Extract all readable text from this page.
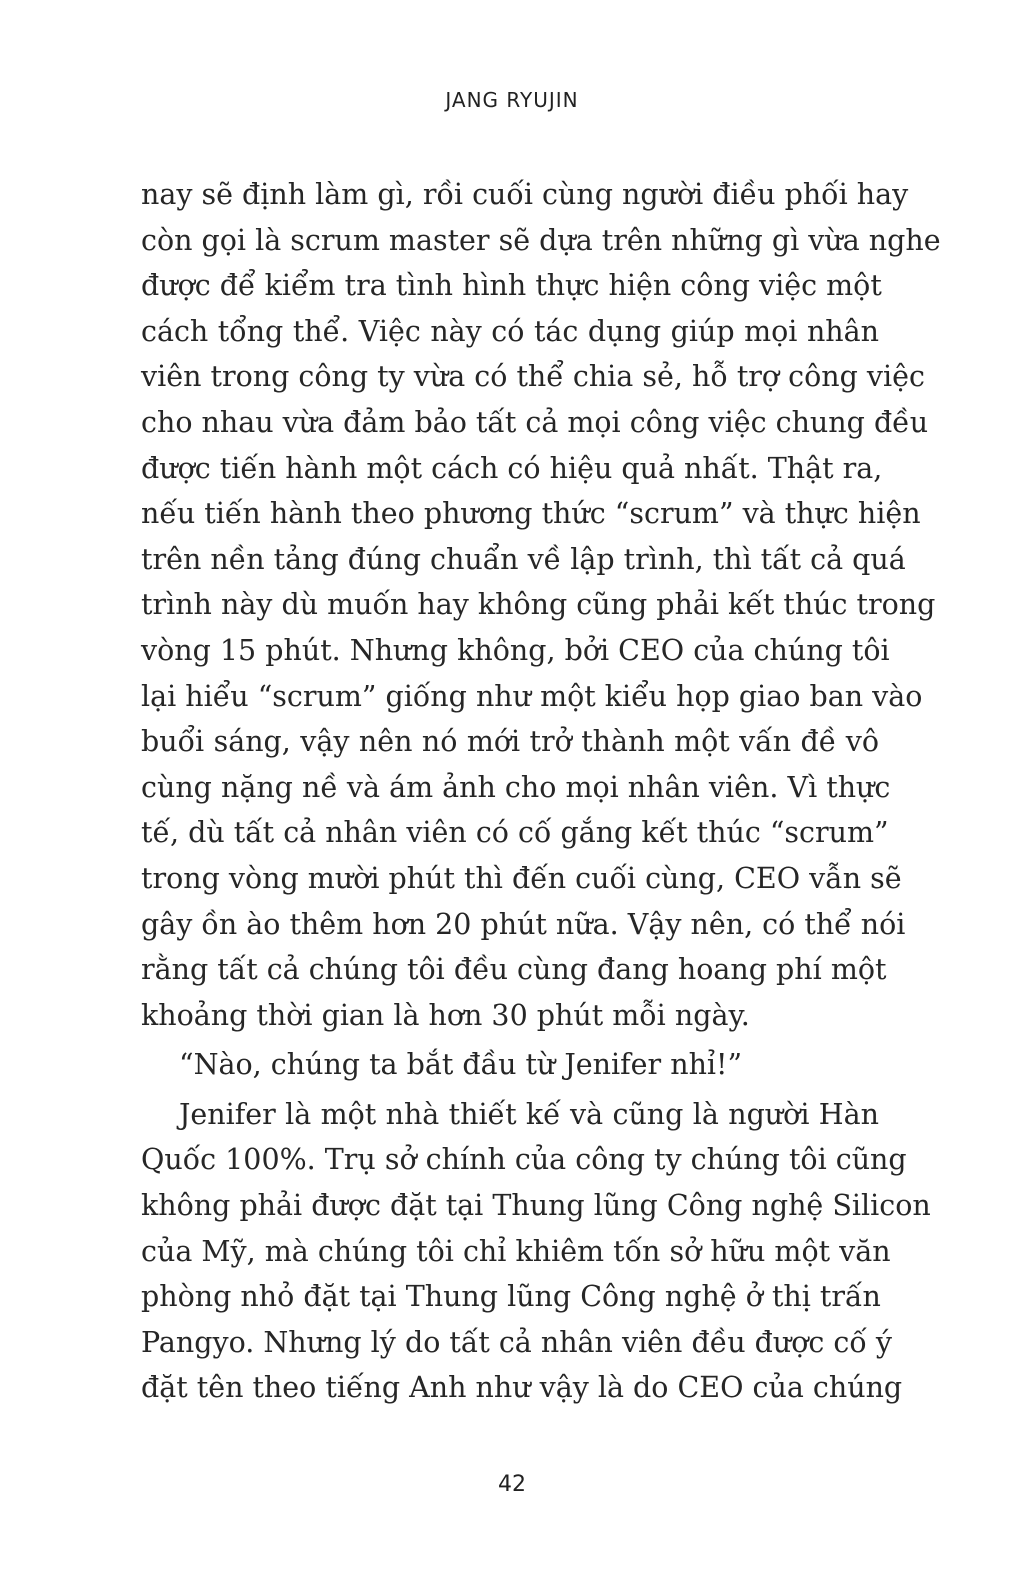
JANG RYUJIN
nay sẽ định làm gì, rồi cuối cùng người điều phối hay
còn gọi là scrum master sẽ dựa trên những gì vừa nghe
được để kiểm tra tình hình thực hiện công việc một
cách tổng thể. Việc này có tác dụng giúp mọi nhân
viên trong công ty vừa có thể chia sẻ, hỗ trợ công việc
cho nhau vừa đảm bảo tất cả mọi công việc chung đều
được tiến hành một cách có hiệu quả nhất. Thật ra,
nếu tiến hành theo phương thức “scrum” và thực hiện
trên nền tảng đúng chuẩn về lập trình, thì tất cả quá
trình này dù muốn hay không cũng phải kết thúc trong
vòng 15 phút. Nhưng không, bởi CEO của chúng tôi
lại hiểu “scrum” giống như một kiểu họp giao ban vào
buổi sáng, vậy nên nó mới trở thành một vấn đề vô
cùng nặng nề và ám ảnh cho mọi nhân viên. Vì thực
tế, dù tất cả nhân viên có cố gắng kết thúc “scrum”
trong vòng mười phút thì đến cuối cùng, CEO vẫn sẽ
gây ồn ào thêm hơn 20 phút nữa. Vậy nên, có thể nói
rằng tất cả chúng tôi đều cùng đang hoang phí một
khoảng thời gian là hơn 30 phút mỗi ngày.
“Nào, chúng ta bắt đầu từ Jenifer nhỉ!”
Jenifer là một nhà thiết kế và cũng là người Hàn
Quốc 100%. Trụ sở chính của công ty chúng tôi cũng
không phải được đặt tại Thung lũng Công nghệ Silicon
của Mỹ, mà chúng tôi chỉ khiêm tốn sở hữu một văn
phòng nhỏ đặt tại Thung lũng Công nghệ ở thị trấn
Pangyo. Nhưng lý do tất cả nhân viên đều được cố ý
đặt tên theo tiếng Anh như vậy là do CEO của chúng
42
